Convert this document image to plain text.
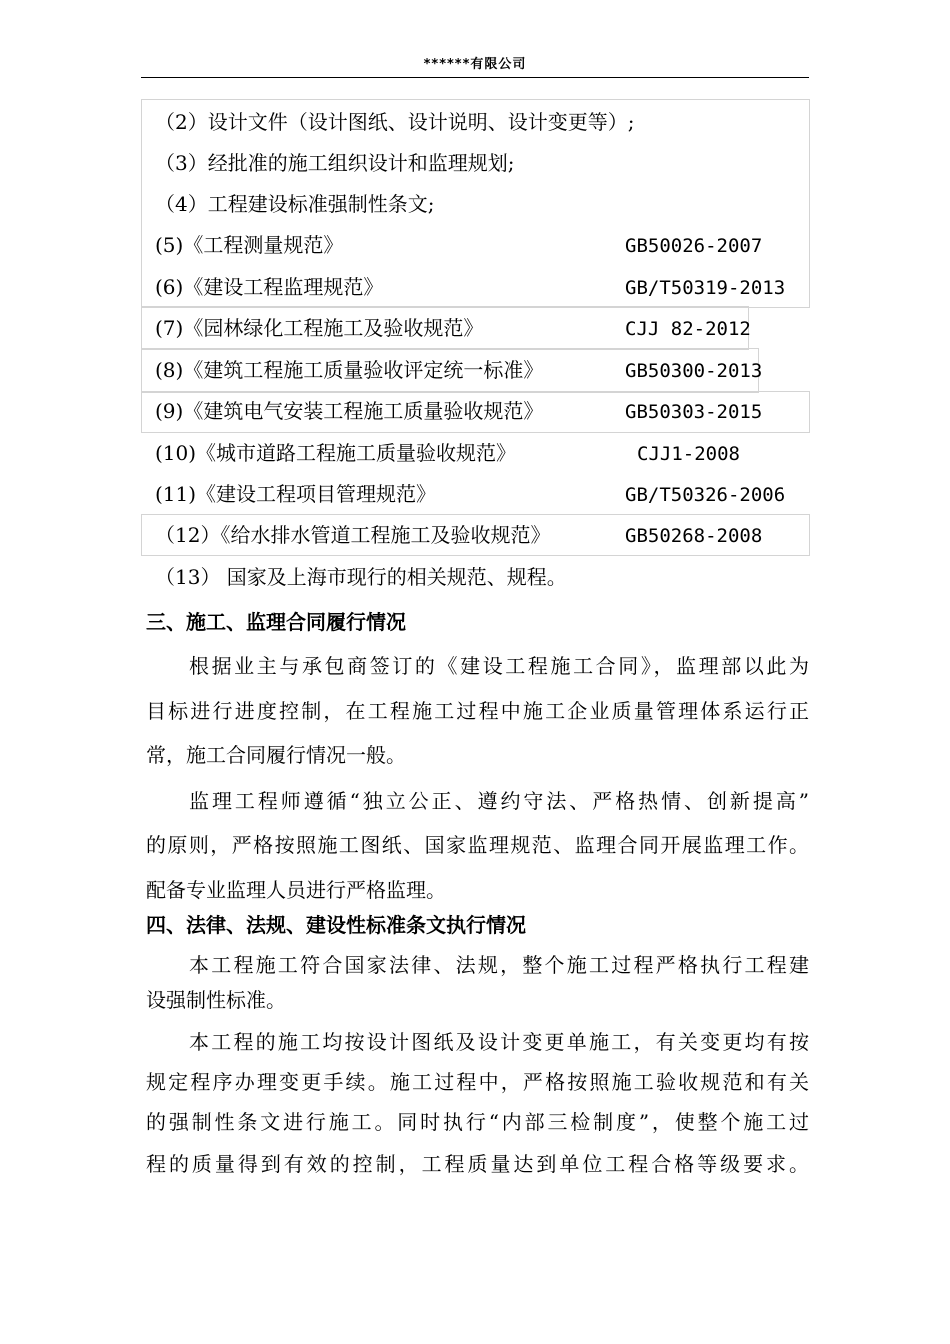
******有限公司
（2）设计文件（设计图纸、设计说明、设计变更等）;
（3）经批准的施工组织设计和监理规划;
（4）工程建设标准强制性条文;
(5)《工程测量规范》	GB50026-2007
(6)《建设工程监理规范》	GB/T50319-2013
(7)《园林绿化工程施工及验收规范》	CJJ 82-2012
(8)《建筑工程施工质量验收评定统一标准》	GB50300-2013
(9)《建筑电气安装工程施工质量验收规范》	GB50303-2015
(10)《城市道路工程施工质量验收规范》	CJJ1-2008
(11)《建设工程项目管理规范》	GB/T50326-2006
（12）《给水排水管道工程施工及验收规范》	GB50268-2008
（13） 国家及上海市现行的相关规范、规程。
三、施工、监理合同履行情况
根据业主与承包商签订的《建设工程施工合同》，监理部以此为
目标进行进度控制，在工程施工过程中施工企业质量管理体系运行正
常，施工合同履行情况一般。
监理工程师遵循“独立公正、遵约守法、严格热情、创新提高”
的原则，严格按照施工图纸、国家监理规范、监理合同开展监理工作。
配备专业监理人员进行严格监理。
四、法律、法规、建设性标准条文执行情况
本工程施工符合国家法律、法规，整个施工过程严格执行工程建
设强制性标准。
本工程的施工均按设计图纸及设计变更单施工，有关变更均有按
规定程序办理变更手续。施工过程中，严格按照施工验收规范和有关
的强制性条文进行施工。同时执行“内部三检制度”，使整个施工过
程的质量得到有效的控制，工程质量达到单位工程合格等级要求。
